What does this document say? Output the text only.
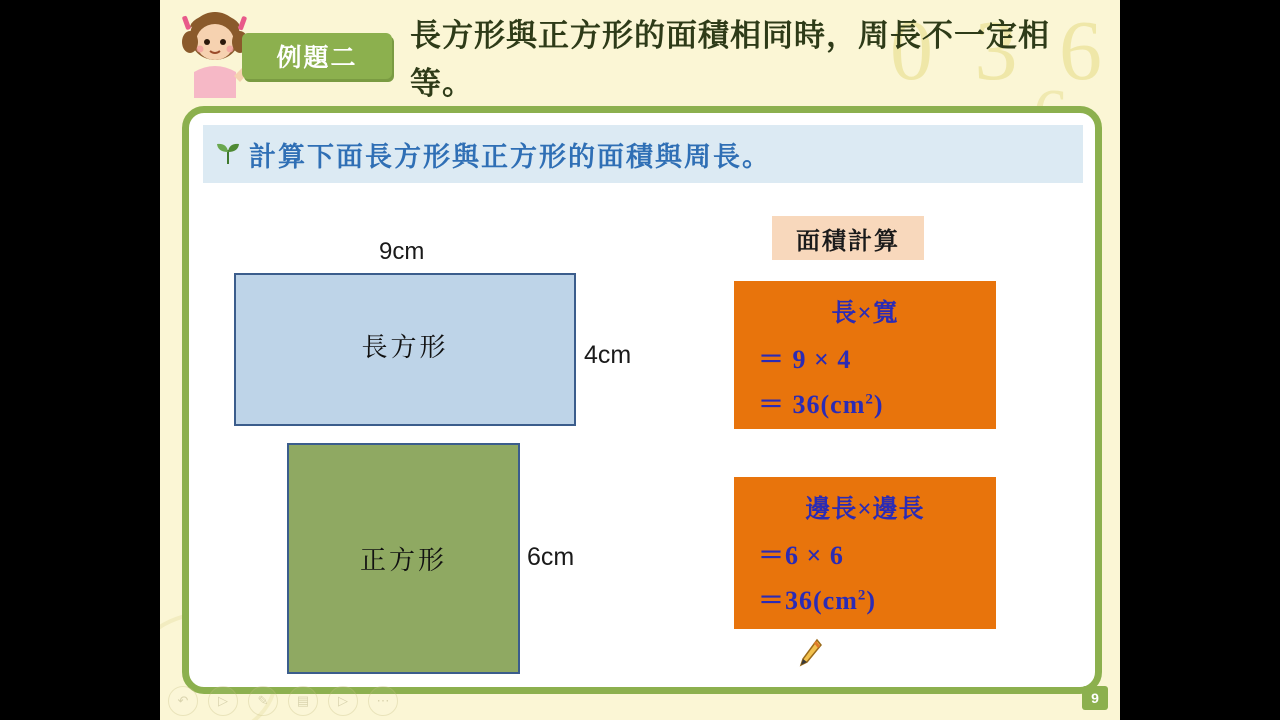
0 3 6
例題二
長方形與正方形的面積相同時，周長不一定相等。
計算下面長方形與正方形的面積與周長。
9cm
長方形	4cm
正方形	6cm
面積計算
長×寬
＝ 9 × 4
＝ $36(cm^2)$
邊長×邊長
＝6 × 6
$=36(cm^2)$
9
↶	▷	✎	▤	▷	⋯
